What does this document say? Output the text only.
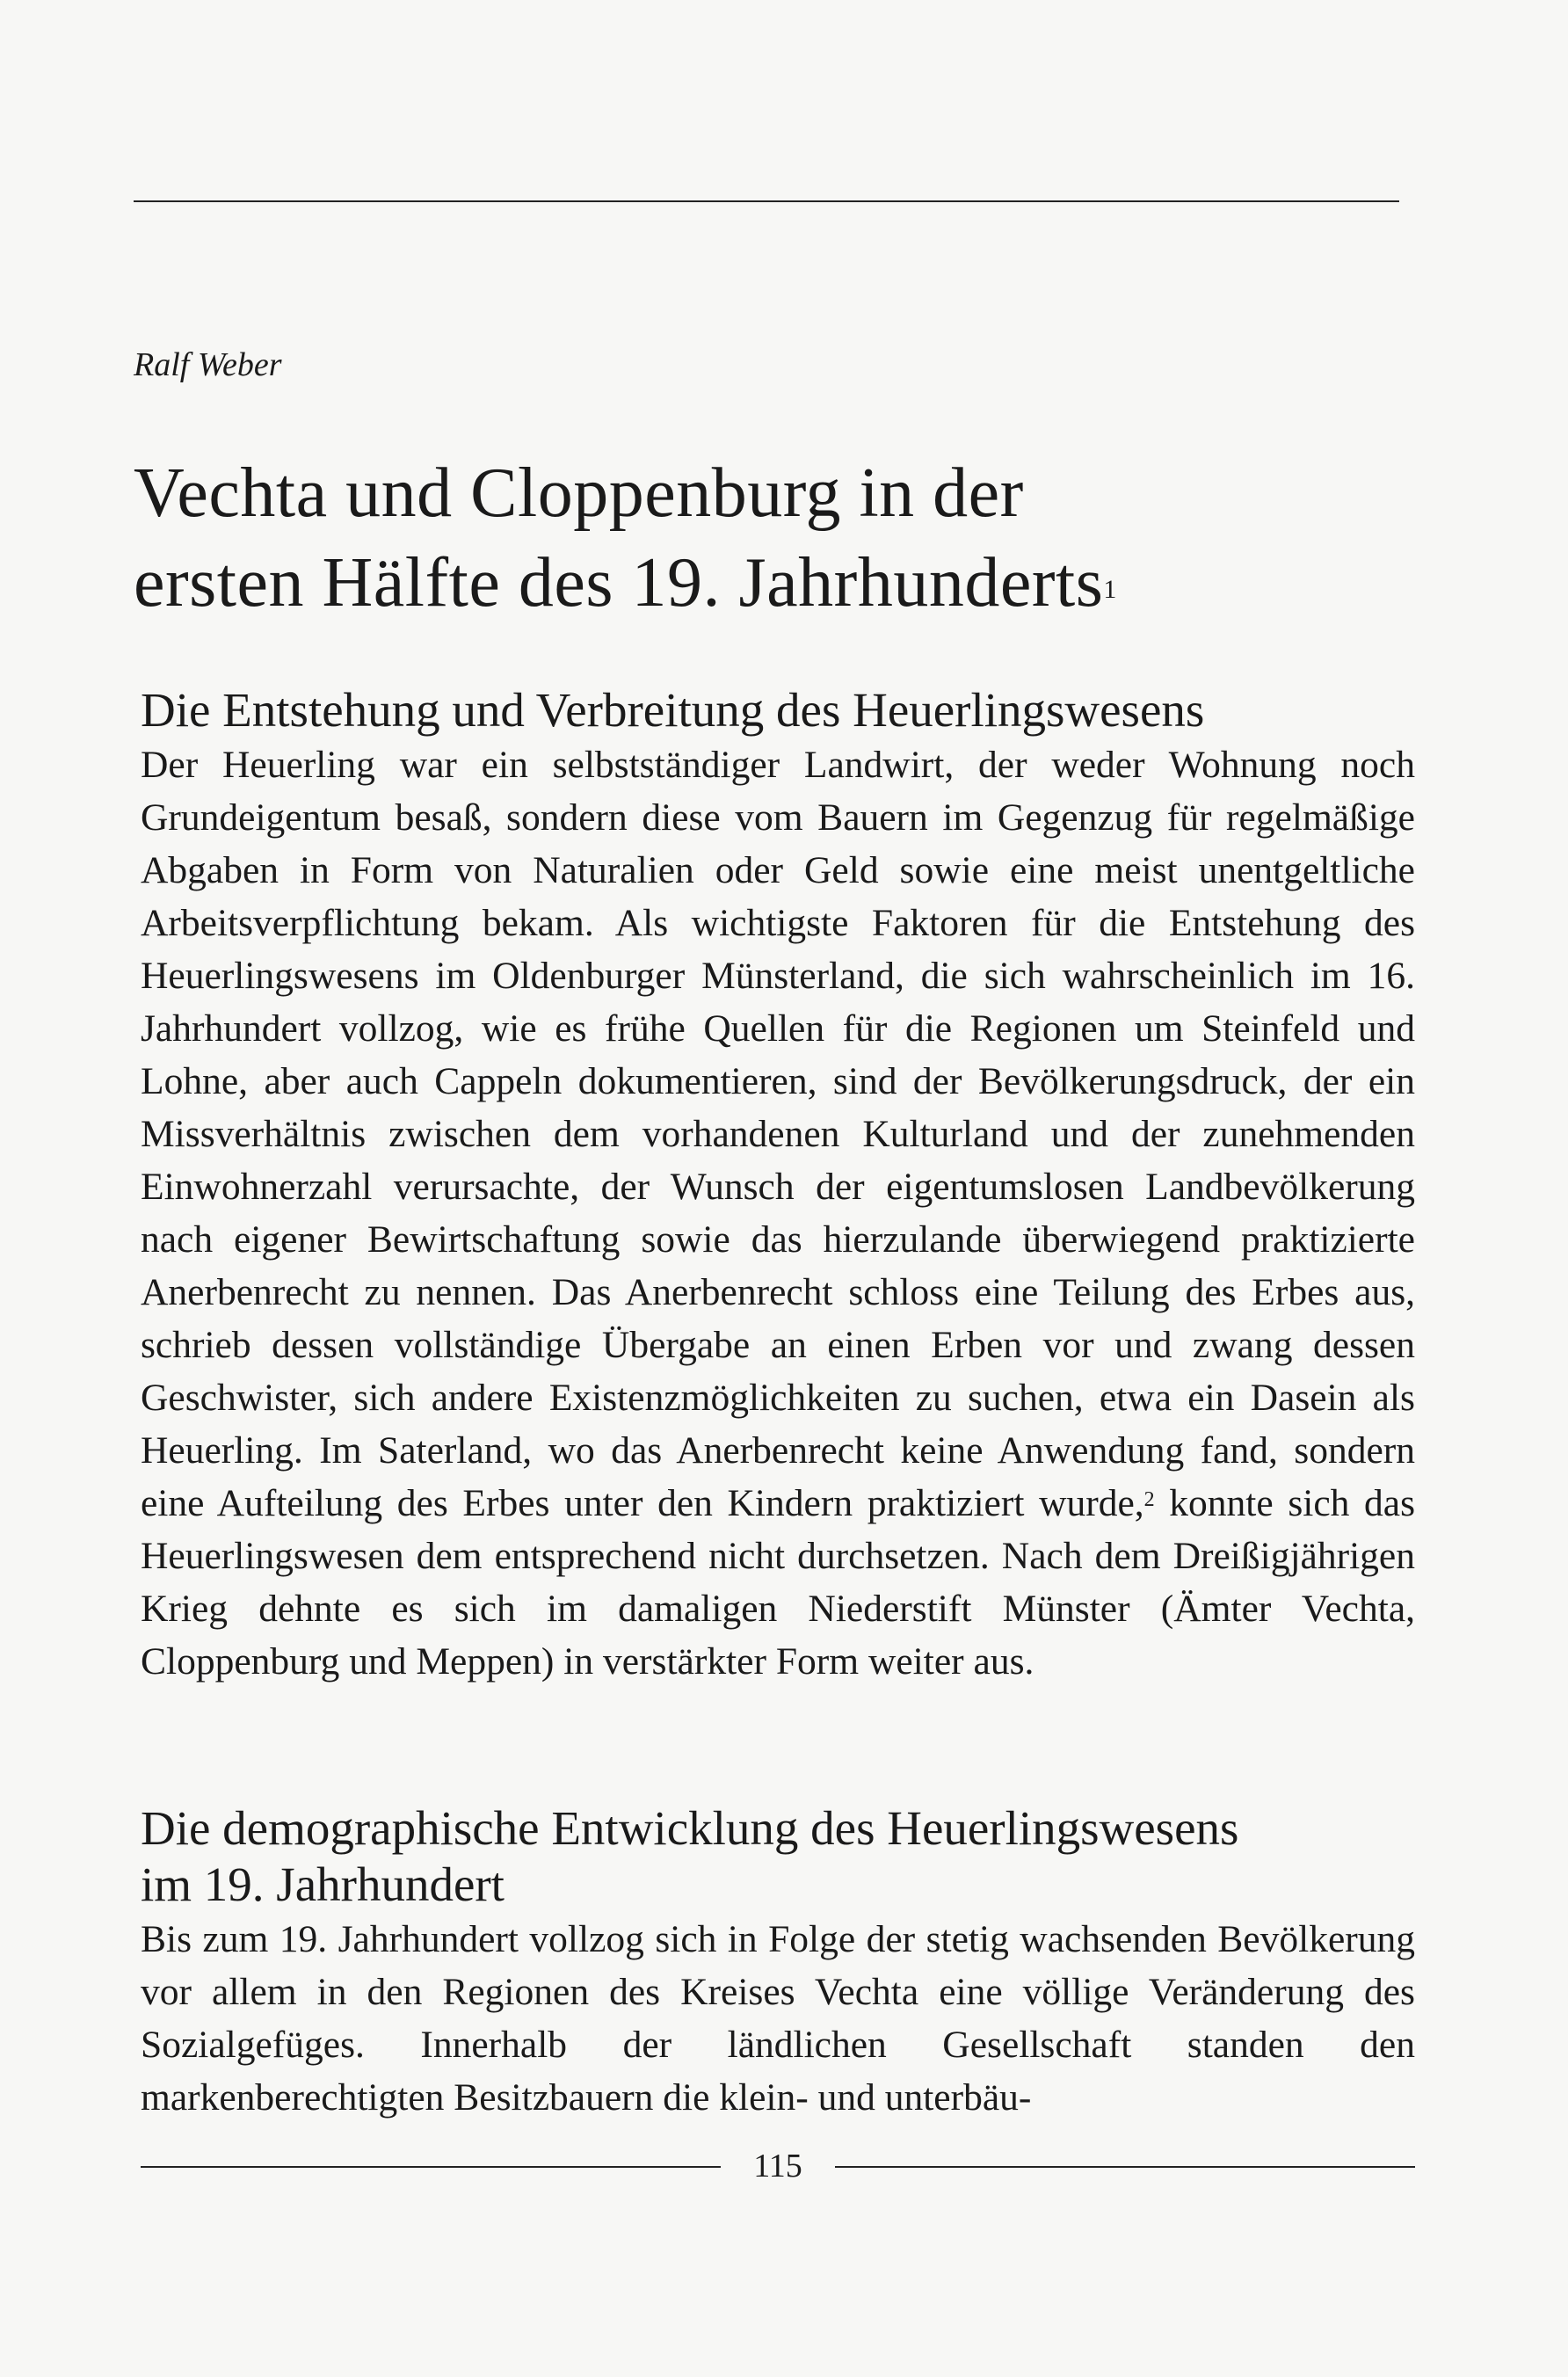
Ralf Weber

Vechta und Cloppenburg in der
ersten Hälfte des 19. Jahrhunderts$^1$
Die Entstehung und Verbreitung des Heuerlingswesens

Der Heuerling war ein selbstständiger Landwirt, der weder Wohnung noch Grundeigentum besaß, sondern diese vom Bauern im Gegenzug für regelmäßige Abgaben in Form von Naturalien oder Geld sowie eine meist unentgeltliche Arbeitsverpflichtung bekam. Als wichtigste Faktoren für die Entstehung des Heuerlingswesens im Oldenburger Münsterland, die sich wahrscheinlich im 16. Jahrhundert vollzog, wie es frühe Quellen für die Regionen um Steinfeld und Lohne, aber auch Cappeln dokumentieren, sind der Bevölkerungsdruck, der ein Missverhältnis zwischen dem vorhandenen Kulturland und der zunehmenden Einwohnerzahl verursachte, der Wunsch der eigentumslosen Landbevölkerung nach eigener Bewirtschaftung sowie das hierzulande überwiegend praktizierte Anerbenrecht zu nennen. Das Anerbenrecht schloss eine Teilung des Erbes aus, schrieb dessen vollständige Übergabe an einen Erben vor und zwang dessen Geschwister, sich andere Existenzmöglichkeiten zu suchen, etwa ein Dasein als Heuerling. Im Saterland, wo das Anerbenrecht keine Anwendung fand, sondern eine Aufteilung des Erbes unter den Kindern praktiziert wurde,$^2$ konnte sich das Heuerlingswesen dem entsprechend nicht durchsetzen. Nach dem Dreißigjährigen Krieg dehnte es sich im damaligen Niederstift Münster (Ämter Vechta, Cloppenburg und Meppen) in verstärkter Form weiter aus.

Die demographische Entwicklung des Heuerlingswesens
im 19. Jahrhundert

Bis zum 19. Jahrhundert vollzog sich in Folge der stetig wachsenden Bevölkerung vor allem in den Regionen des Kreises Vechta eine völlige Veränderung des Sozialgefüges. Innerhalb der ländlichen Gesellschaft standen den markenberechtigten Besitzbauern die klein- und unterbäu-

115
